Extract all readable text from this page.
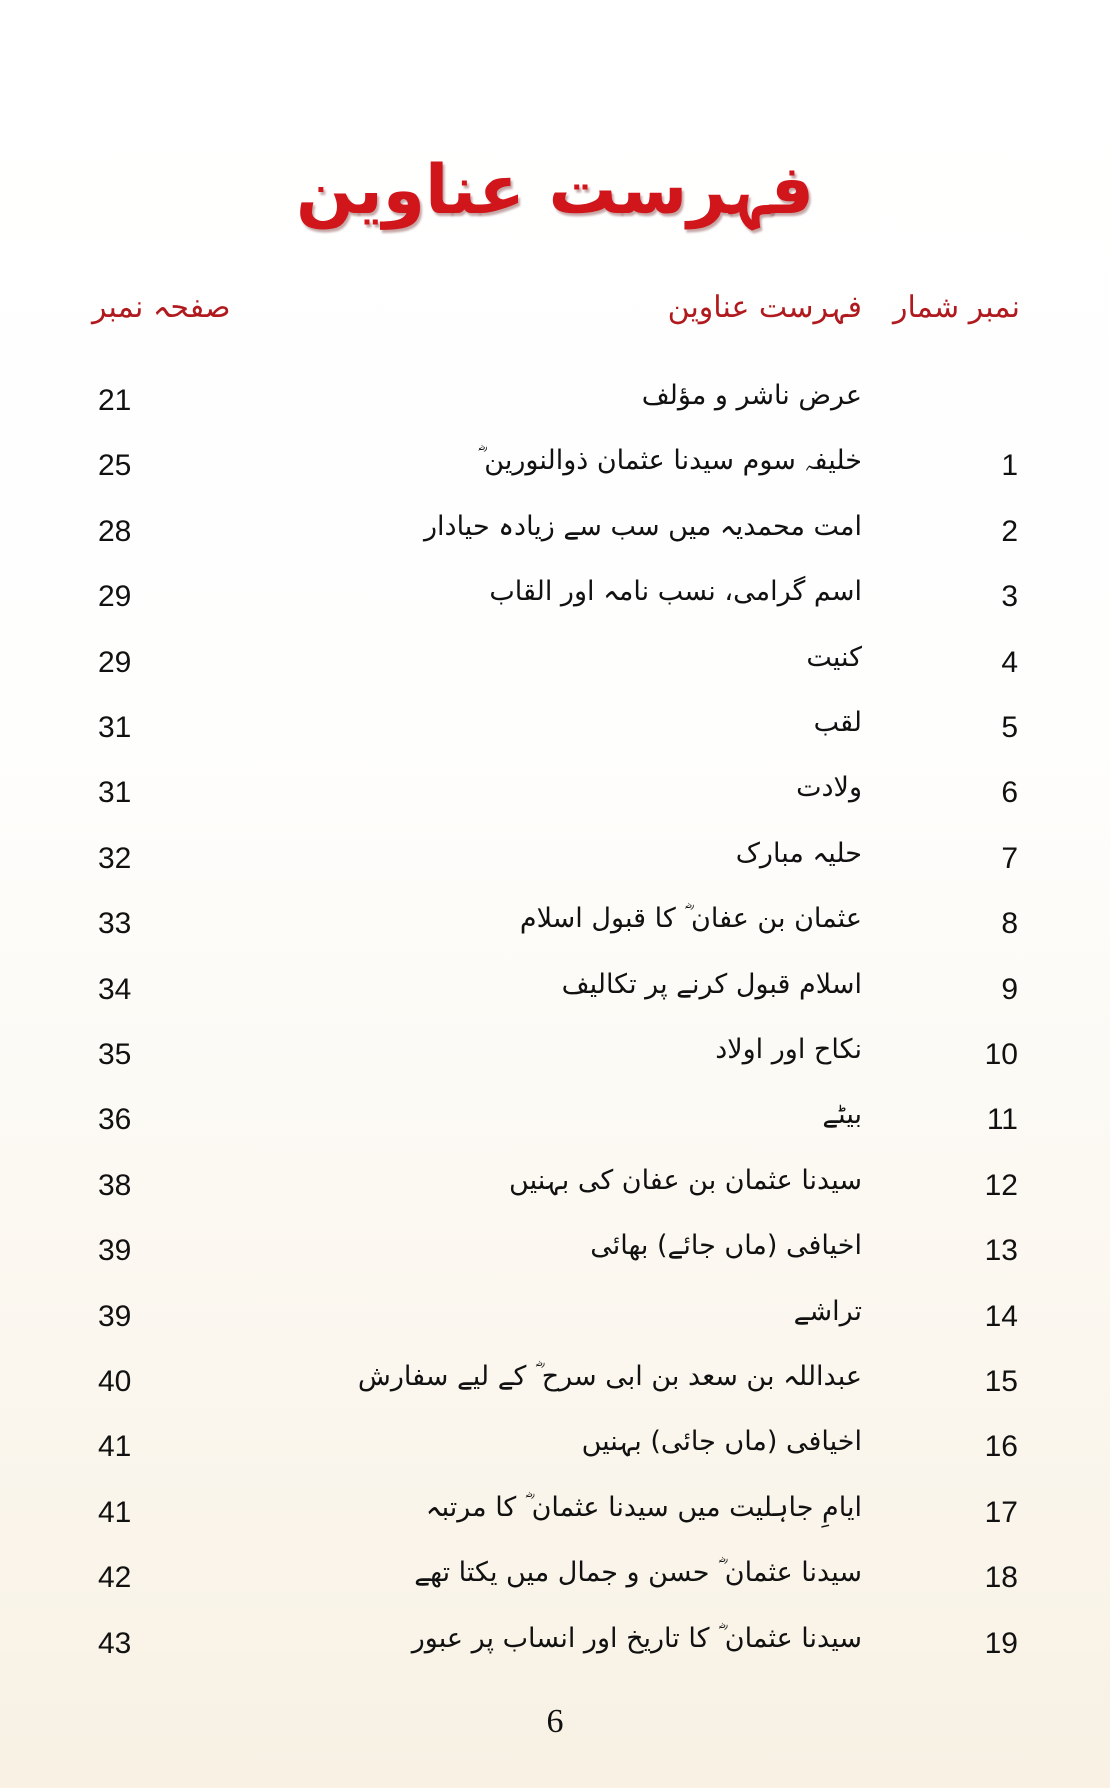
فہرست عناوین
نمبر شمار
فہرست عناوین
صفحہ نمبر
عرض ناشر و مؤلف
21
1
خلیفہ سوم سیدنا عثمان ذوالنورین ؓ
25
2
امت محمدیہ میں سب سے زیادہ حیادار
28
3
اسم گرامی، نسب نامہ اور القاب
29
4
کنیت
29
5
لقب
31
6
ولادت
31
7
حلیہ مبارک
32
8
عثمان بن عفان ؓ کا قبول اسلام
33
9
اسلام قبول کرنے پر تکالیف
34
10
نکاح اور اولاد
35
11
بیٹے
36
12
سیدنا عثمان بن عفان کی بہنیں
38
13
اخیافی (ماں جائے) بھائی
39
14
تراشے
39
15
عبداللہ بن سعد بن ابی سرح ؓ کے لیے سفارش
40
16
اخیافی (ماں جائی) بہنیں
41
17
ایامِ جاہلیت میں سیدنا عثمان ؓ کا مرتبہ
41
18
سیدنا عثمان ؓ حسن و جمال میں یکتا تھے
42
19
سیدنا عثمان ؓ کا تاریخ اور انساب پر عبور
43
6
